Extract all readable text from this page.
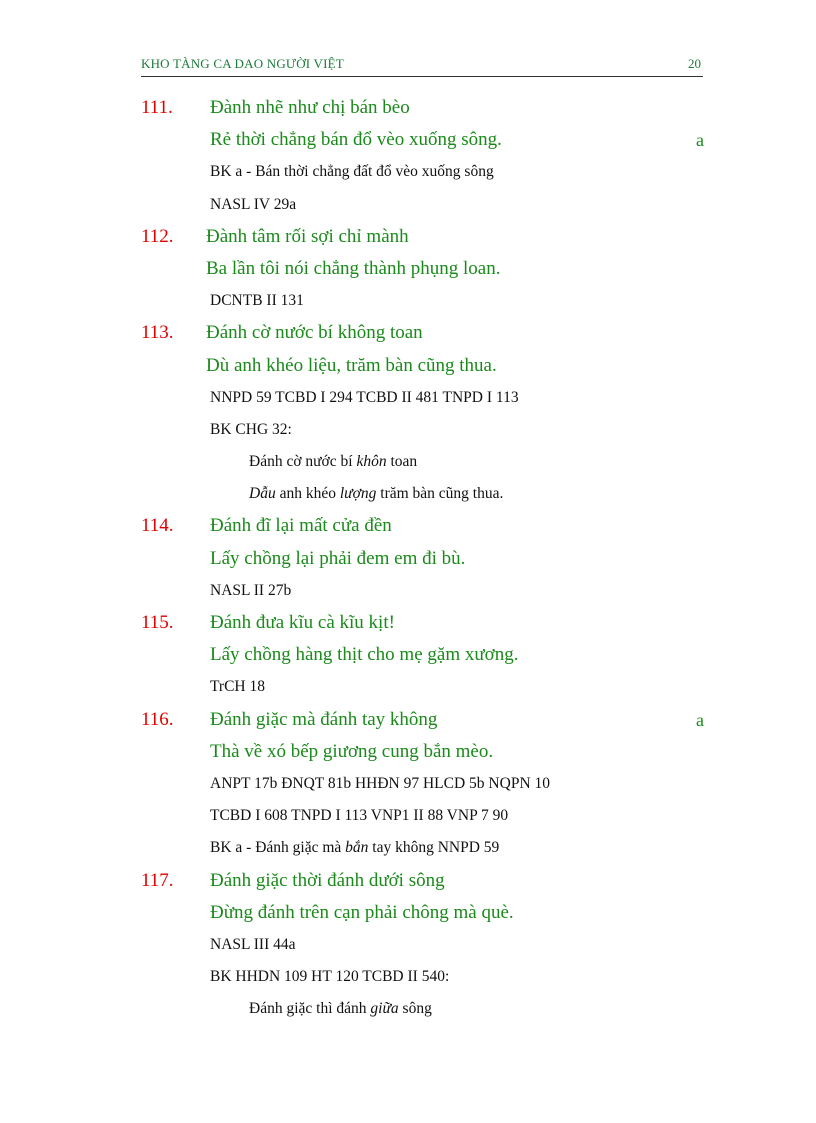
KHO TÀNG CA DAO NGƯỜI VIỆT	20
111. Đành nhẽ như chị bán bèo
Rẻ thời chẳng bán đổ vèo xuống sông.	a
BK a - Bán thời chẳng đất đổ vèo xuống sông
NASL IV 29a
112. Đành tâm rối sợi chỉ mành
Ba lần tôi nói chẳng thành phụng loan.
DCNTB II 131
113. Đánh cờ nước bí không toan
Dù anh khéo liệu, trăm bàn cũng thua.
NNPD 59 TCBD I 294 TCBD II 481 TNPD I 113
BK CHG 32:
Đánh cờ nước bí khôn toan
Dẫu anh khéo lượng trăm bàn cũng thua.
114. Đánh đĩ lại mất cửa đền
Lấy chồng lại phải đem em đi bù.
NASL II 27b
115. Đánh đưa kĩu cà kĩu kịt!
Lấy chồng hàng thịt cho mẹ gặm xương.
TrCH 18
116. Đánh giặc mà đánh tay không	a
Thà về xó bếp giương cung bắn mèo.
ANPT 17b ĐNQT 81b HHĐN 97 HLCD 5b NQPN 10
TCBD I 608 TNPD I 113 VNP1 II 88 VNP 7 90
BK a - Đánh giặc mà bắn tay không NNPD 59
117. Đánh giặc thời đánh dưới sông
Đừng đánh trên cạn phải chông mà què.
NASL III 44a
BK HHDN 109 HT 120 TCBD II 540:
Đánh giặc thì đánh giữa sông
